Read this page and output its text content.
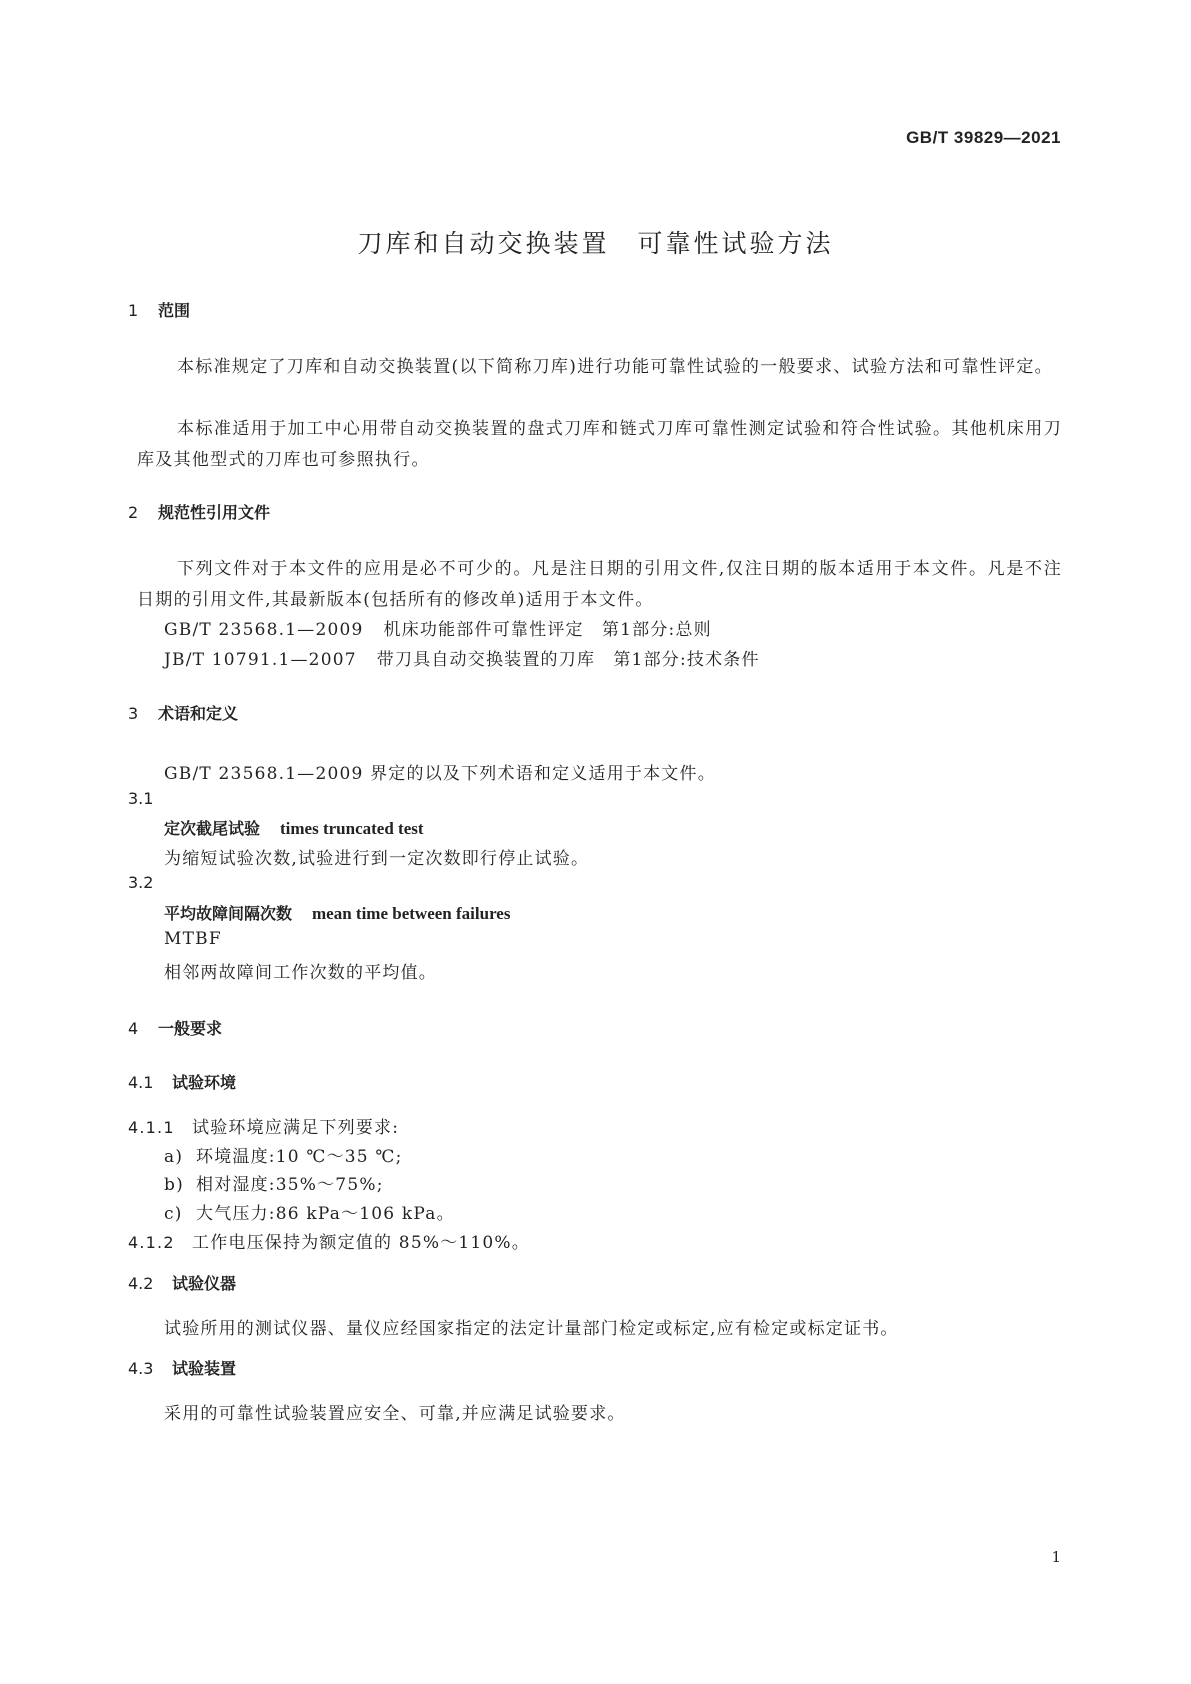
GB/T 39829—2021
刀库和自动交换装置　可靠性试验方法
1 范围
本标准规定了刀库和自动交换装置(以下简称刀库)进行功能可靠性试验的一般要求、试验方法和可靠性评定。
本标准适用于加工中心用带自动交换装置的盘式刀库和链式刀库可靠性测定试验和符合性试验。其他机床用刀库及其他型式的刀库也可参照执行。
2 规范性引用文件
下列文件对于本文件的应用是必不可少的。凡是注日期的引用文件,仅注日期的版本适用于本文件。凡是不注日期的引用文件,其最新版本(包括所有的修改单)适用于本文件。
GB/T 23568.1—2009 机床功能部件可靠性评定　第1部分:总则
JB/T 10791.1—2007 带刀具自动交换装置的刀库　第1部分:技术条件
3 术语和定义
GB/T 23568.1—2009 界定的以及下列术语和定义适用于本文件。
3.1
定次截尾试验 times truncated test
为缩短试验次数,试验进行到一定次数即行停止试验。
3.2
平均故障间隔次数 mean time between failures
MTBF
相邻两故障间工作次数的平均值。
4 一般要求
4.1 试验环境
4.1.1 试验环境应满足下列要求:
a) 环境温度:10 ℃～35 ℃;
b) 相对湿度:35%～75%;
c) 大气压力:86 kPa～106 kPa。
4.1.2 工作电压保持为额定值的 85%～110%。
4.2 试验仪器
试验所用的测试仪器、量仪应经国家指定的法定计量部门检定或标定,应有检定或标定证书。
4.3 试验装置
采用的可靠性试验装置应安全、可靠,并应满足试验要求。
1
